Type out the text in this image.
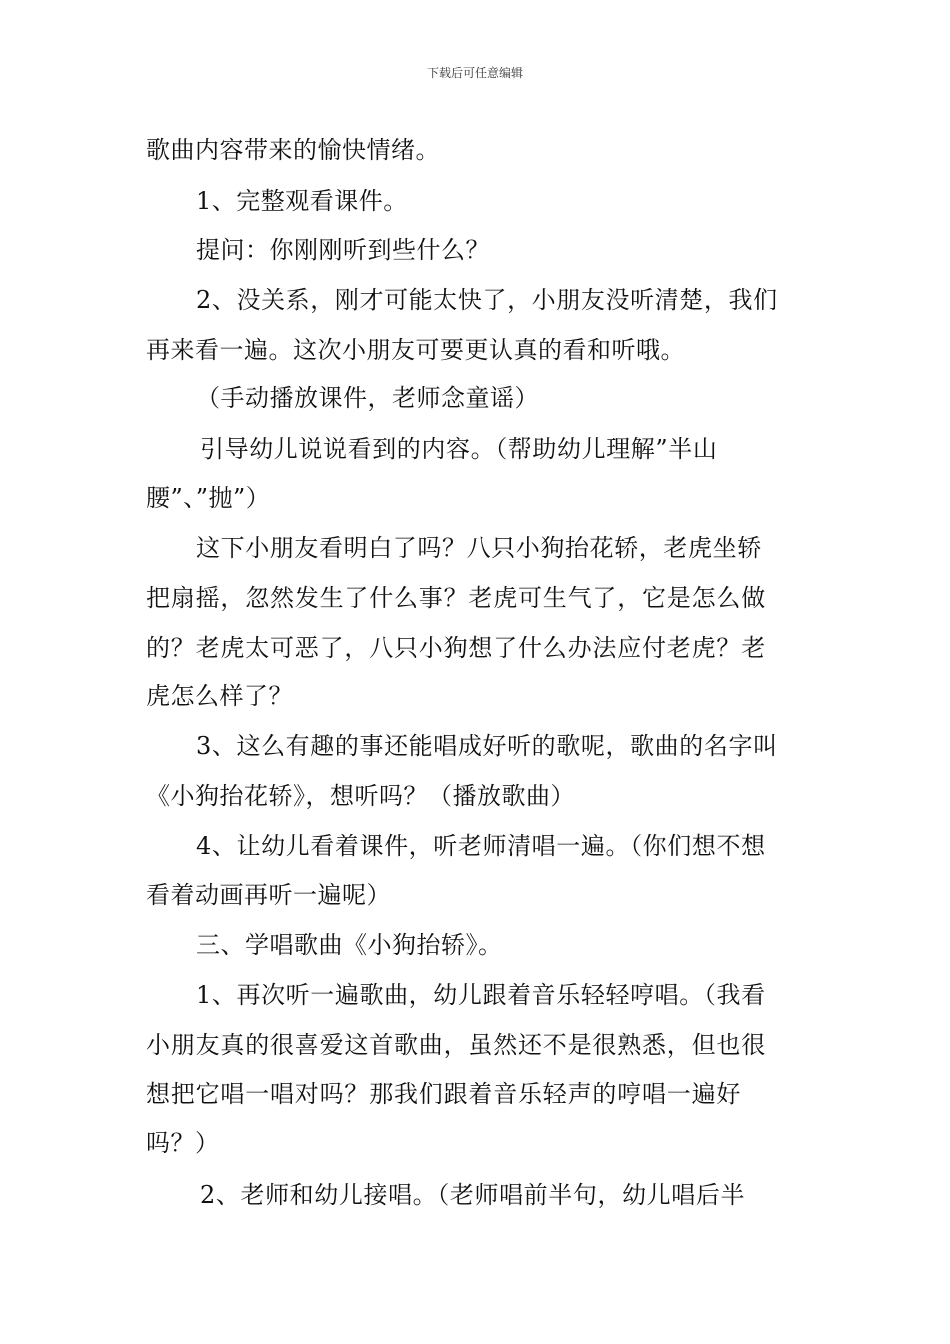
下载后可任意编辑
歌曲内容带来的愉快情绪。
1、完整观看课件。
提问：你刚刚听到些什么？
2、没关系，刚才可能太快了，小朋友没听清楚，我们
再来看一遍。这次小朋友可要更认真的看和听哦。
（手动播放课件，老师念童谣）
引导幼儿说说看到的内容。（帮助幼儿理解”半山
腰”、”抛”）
这下小朋友看明白了吗？八只小狗抬花轿，老虎坐轿
把扇摇，忽然发生了什么事？老虎可生气了，它是怎么做
的？老虎太可恶了，八只小狗想了什么办法应付老虎？老
虎怎么样了？
3、这么有趣的事还能唱成好听的歌呢，歌曲的名字叫
《小狗抬花轿》，想听吗？（播放歌曲）
4、让幼儿看着课件，听老师清唱一遍。（你们想不想
看着动画再听一遍呢）
三、学唱歌曲《小狗抬轿》。
1、再次听一遍歌曲，幼儿跟着音乐轻轻哼唱。（我看
小朋友真的很喜爱这首歌曲，虽然还不是很熟悉，但也很
想把它唱一唱对吗？那我们跟着音乐轻声的哼唱一遍好
吗？）
2、老师和幼儿接唱。（老师唱前半句，幼儿唱后半
